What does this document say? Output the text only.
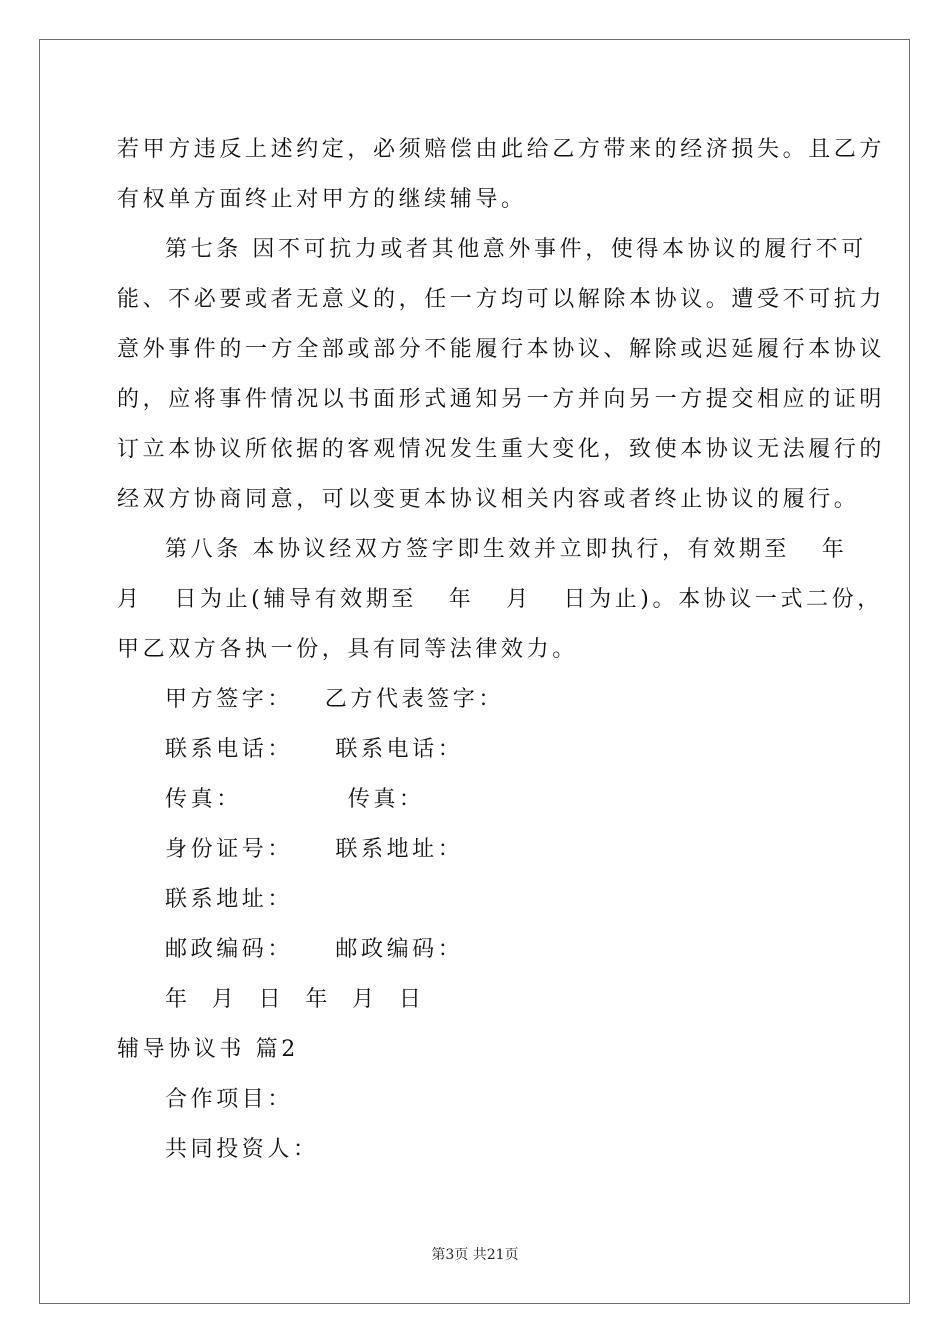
若甲方违反上述约定，必须赔偿由此给乙方带来的经济损失。且乙方
有权单方面终止对甲方的继续辅导。
第七条 因不可抗力或者其他意外事件，使得本协议的履行不可
能、不必要或者无意义的，任一方均可以解除本协议。遭受不可抗力
意外事件的一方全部或部分不能履行本协议、解除或迟延履行本协议
的，应将事件情况以书面形式通知另一方并向另一方提交相应的证明
订立本协议所依据的客观情况发生重大变化，致使本协议无法履行的
经双方协商同意，可以变更本协议相关内容或者终止协议的履行。
第八条 本协议经双方签字即生效并立即执行，有效期至   年
月   日为止(辅导有效期至   年   月   日为止)。本协议一式二份，
甲乙双方各执一份，具有同等法律效力。
甲方签字：   乙方代表签字：
联系电话：    联系电话：
传真：          传真：
身份证号：    联系地址：
联系地址：
邮政编码：    邮政编码：
年  月  日  年  月  日
辅导协议书 篇2
合作项目：
共同投资人：
第3页 共21页
